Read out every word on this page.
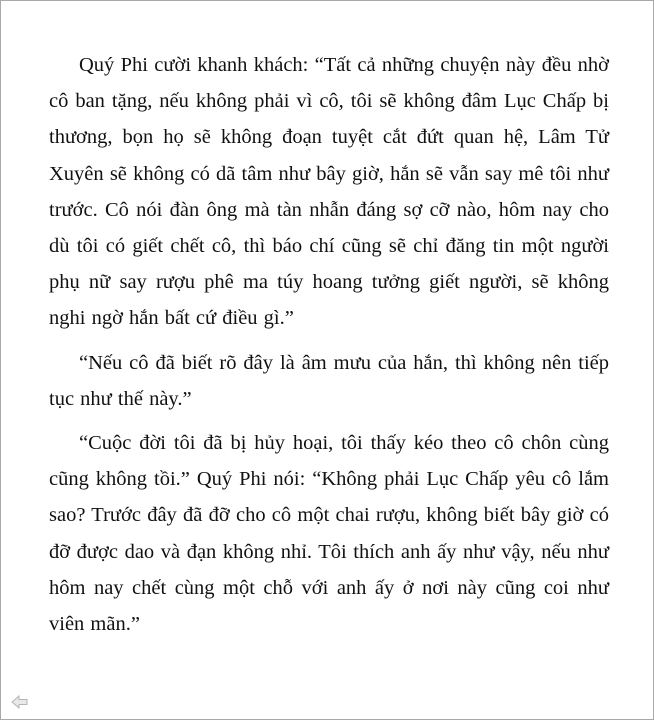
Quý Phi cười khanh khách: “Tất cả những chuyện này đều nhờ cô ban tặng, nếu không phải vì cô, tôi sẽ không đâm Lục Chấp bị thương, bọn họ sẽ không đoạn tuyệt cắt đứt quan hệ, Lâm Tử Xuyên sẽ không có dã tâm như bây giờ, hắn sẽ vẫn say mê tôi như trước. Cô nói đàn ông mà tàn nhẫn đáng sợ cỡ nào, hôm nay cho dù tôi có giết chết cô, thì báo chí cũng sẽ chỉ đăng tin một người phụ nữ say rượu phê ma túy hoang tưởng giết người, sẽ không nghi ngờ hắn bất cứ điều gì.”

“Nếu cô đã biết rõ đây là âm mưu của hắn, thì không nên tiếp tục như thế này.”

“Cuộc đời tôi đã bị hủy hoại, tôi thấy kéo theo cô chôn cùng cũng không tồi.” Quý Phi nói: “Không phải Lục Chấp yêu cô lắm sao? Trước đây đã đỡ cho cô một chai rượu, không biết bây giờ có đỡ được dao và đạn không nhỉ. Tôi thích anh ấy như vậy, nếu như hôm nay chết cùng một chỗ với anh ấy ở nơi này cũng coi như viên mãn.”
